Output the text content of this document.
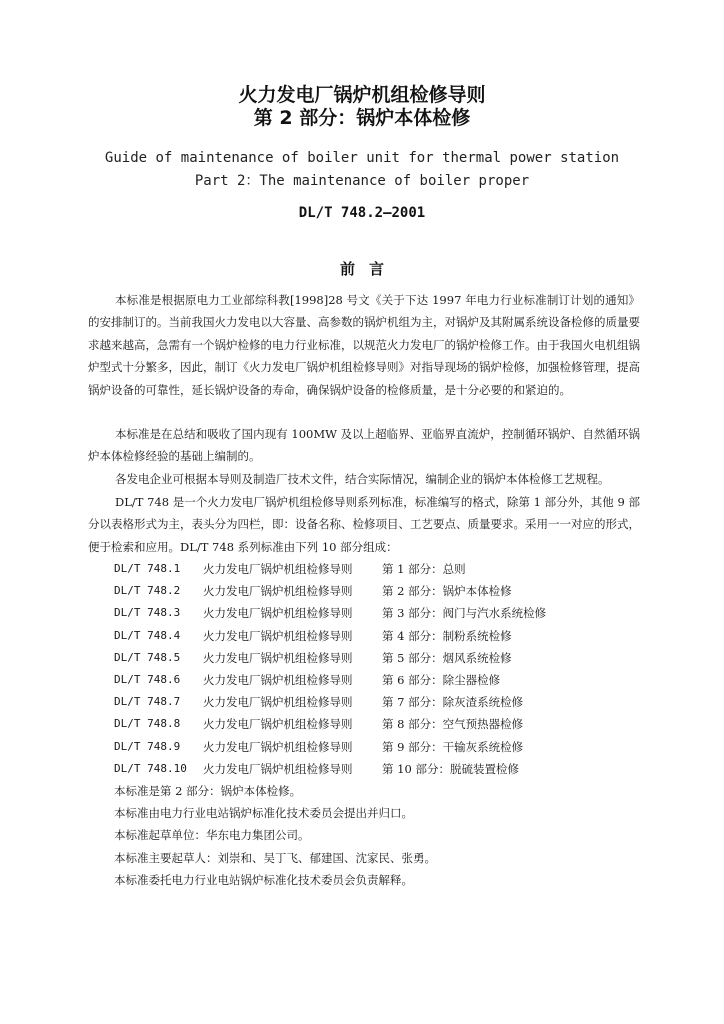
火力发电厂锅炉机组检修导则
第 2 部分：锅炉本体检修
Guide of maintenance of boiler unit for thermal power station
Part 2：The maintenance of boiler proper
DL/T 748.2—2001
前言

本标准是根据原电力工业部综科教[1998]28 号文《关于下达 1997 年电力行业标准制订计划的通知》的安排制订的。当前我国火力发电以大容量、高参数的锅炉机组为主，对锅炉及其附属系统设备检修的质量要求越来越高，急需有一个锅炉检修的电力行业标准，以规范火力发电厂的锅炉检修工作。由于我国火电机组锅炉型式十分繁多，因此，制订《火力发电厂锅炉机组检修导则》对指导现场的锅炉检修，加强检修管理，提高锅炉设备的可靠性，延长锅炉设备的寿命，确保锅炉设备的检修质量，是十分必要的和紧迫的。

本标准是在总结和吸收了国内现有 100MW 及以上超临界、亚临界直流炉，控制循环锅炉、自然循环锅炉本体检修经验的基础上编制的。

各发电企业可根据本导则及制造厂技术文件，结合实际情况，编制企业的锅炉本体检修工艺规程。

DL/T 748 是一个火力发电厂锅炉机组检修导则系列标准，标准编写的格式，除第 1 部分外，其他 9 部分以表格形式为主，表头分为四栏，即：设备名称、检修项目、工艺要点、质量要求。采用一一对应的形式，便于检索和应用。DL/T 748 系列标准由下列 10 部分组成：

DL/T 748.1	火力发电厂锅炉机组检修导则	第 1 部分：总则
DL/T 748.2	火力发电厂锅炉机组检修导则	第 2 部分：锅炉本体检修
DL/T 748.3	火力发电厂锅炉机组检修导则	第 3 部分：阀门与汽水系统检修
DL/T 748.4	火力发电厂锅炉机组检修导则	第 4 部分：制粉系统检修
DL/T 748.5	火力发电厂锅炉机组检修导则	第 5 部分：烟风系统检修
DL/T 748.6	火力发电厂锅炉机组检修导则	第 6 部分：除尘器检修
DL/T 748.7	火力发电厂锅炉机组检修导则	第 7 部分：除灰渣系统检修
DL/T 748.8	火力发电厂锅炉机组检修导则	第 8 部分：空气预热器检修
DL/T 748.9	火力发电厂锅炉机组检修导则	第 9 部分：干输灰系统检修
DL/T 748.10	火力发电厂锅炉机组检修导则	第 10 部分：脱硫装置检修
本标准是第 2 部分：锅炉本体检修。
本标准由电力行业电站锅炉标准化技术委员会提出并归口。
本标准起草单位：华东电力集团公司。
本标准主要起草人：刘崇和、吴丁飞、郁建国、沈家民、张勇。
本标准委托电力行业电站锅炉标准化技术委员会负责解释。
